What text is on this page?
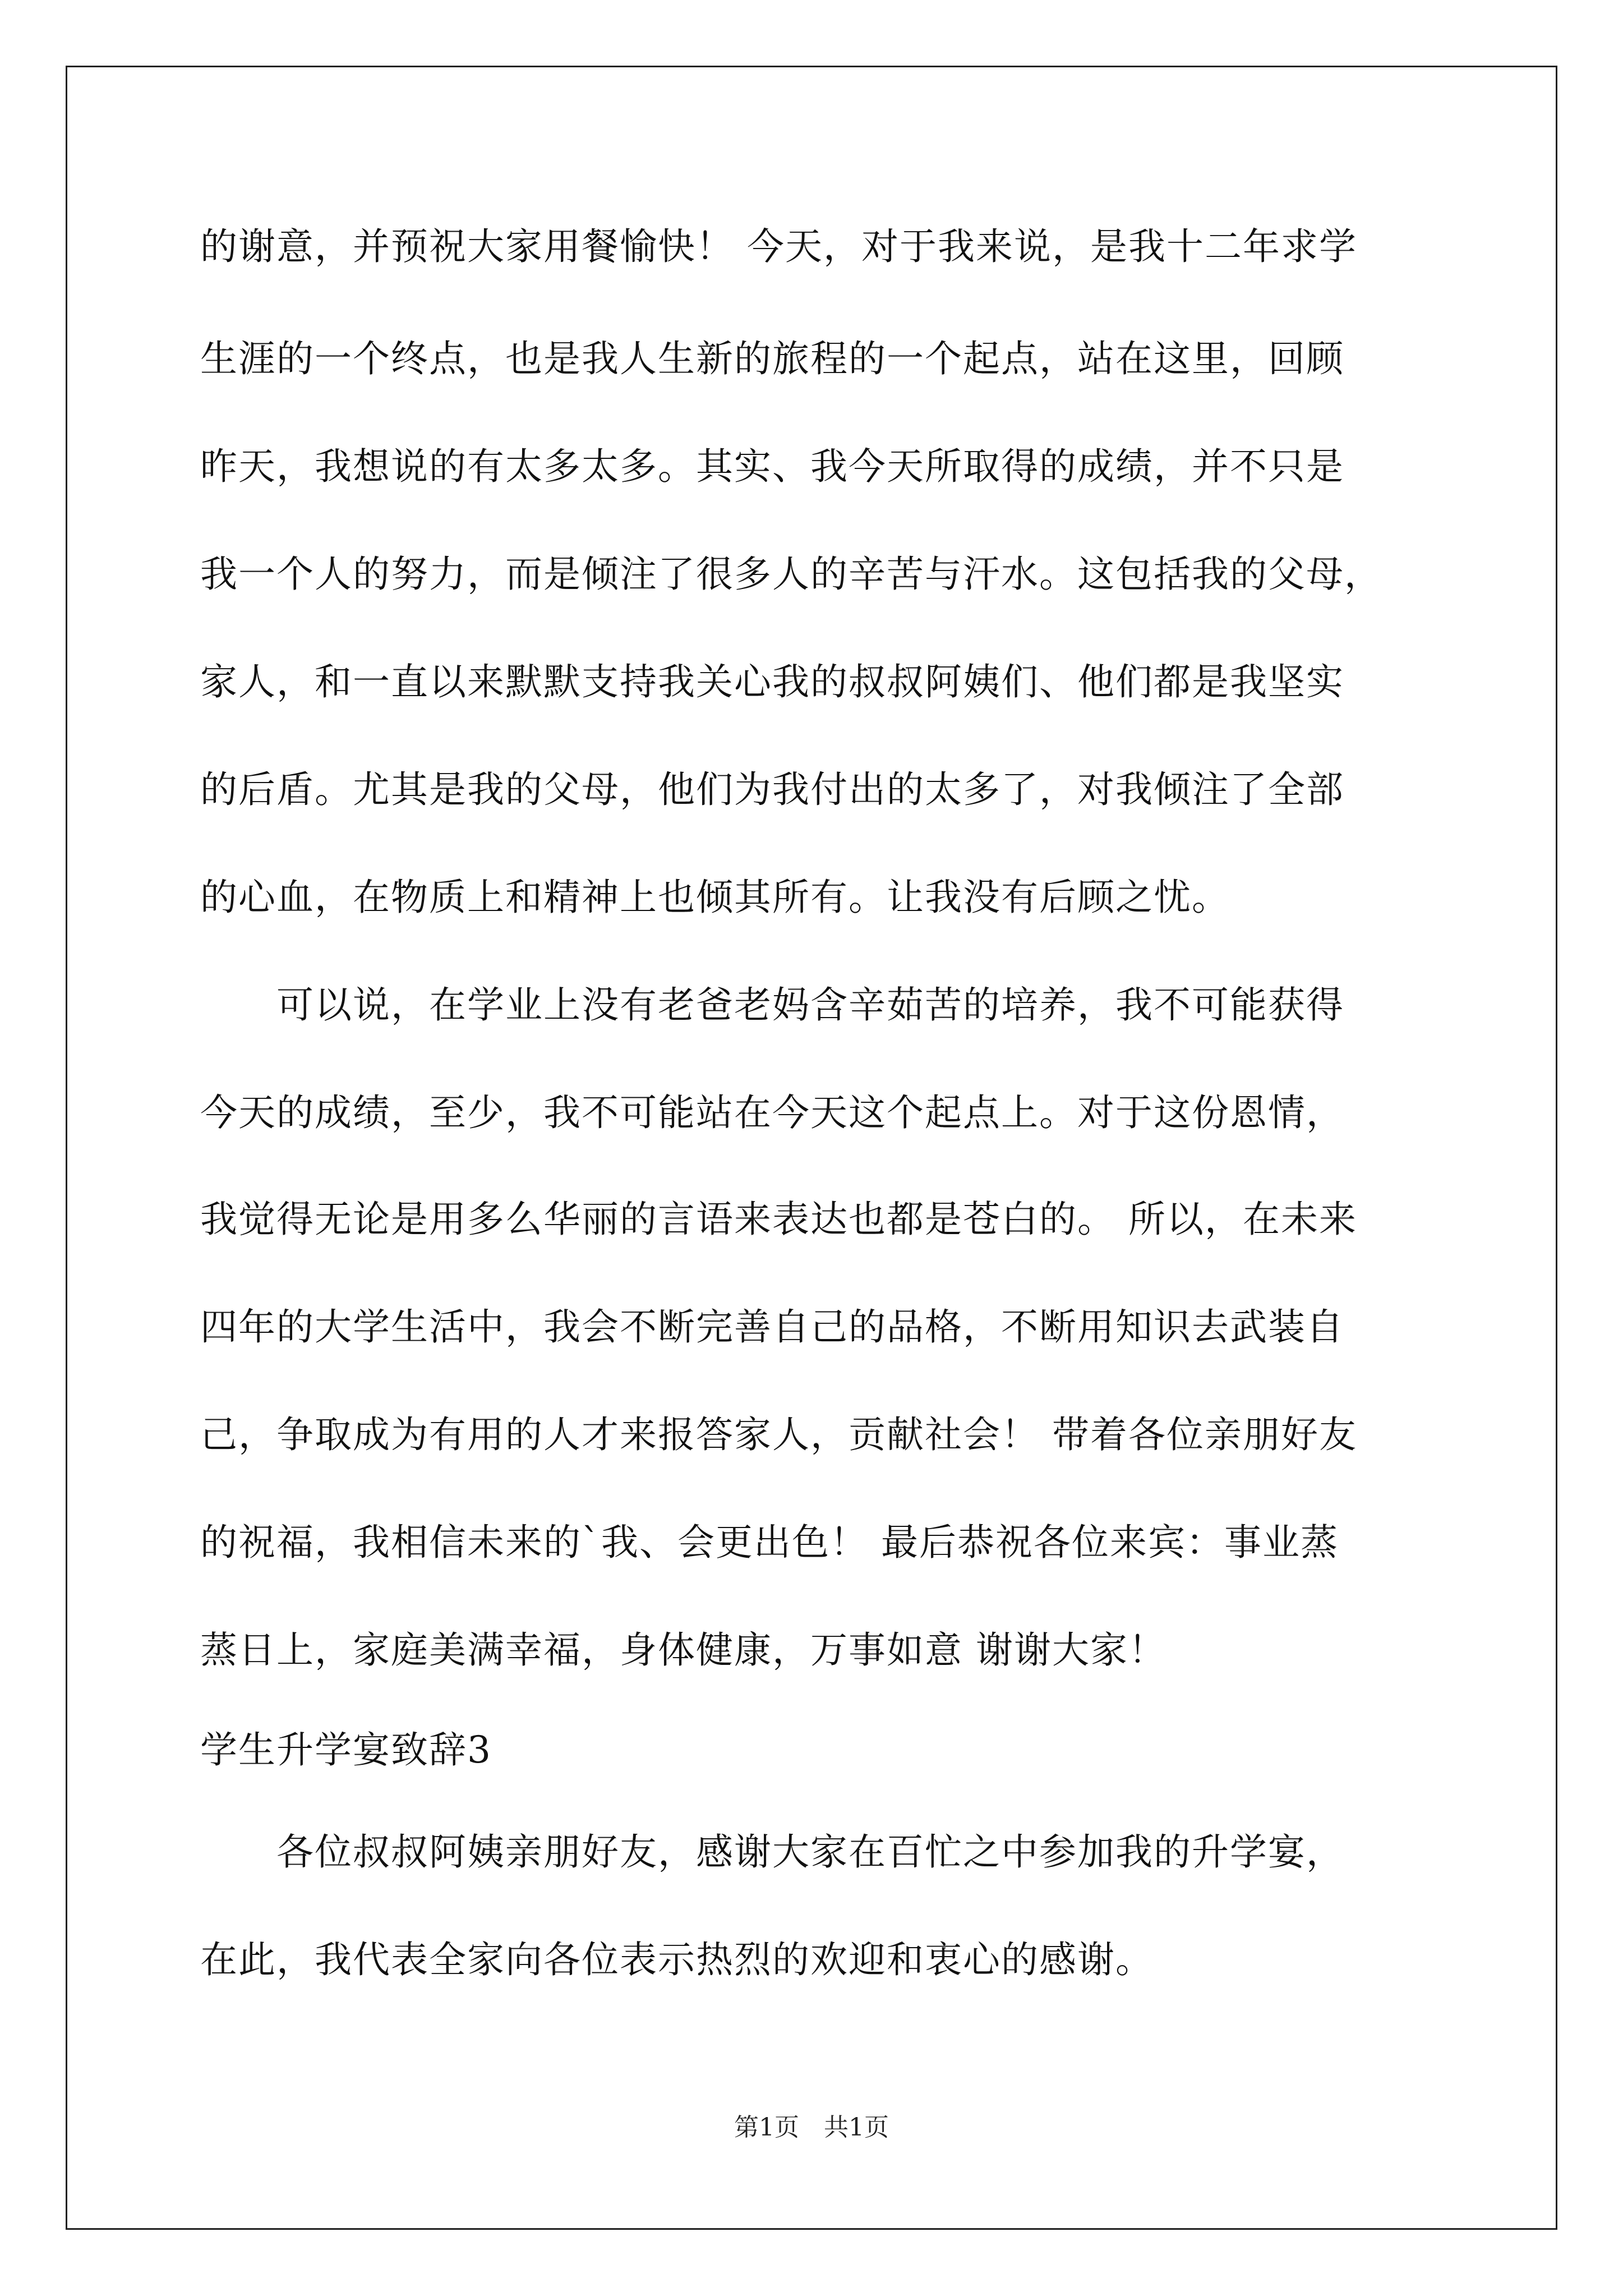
的谢意，并预祝大家用餐愉快！ 今天，对于我来说，是我十二年求学
生涯的一个终点，也是我人生新的旅程的一个起点，站在这里，回顾
昨天，我想说的有太多太多。其实、我今天所取得的成绩，并不只是
我一个人的努力，而是倾注了很多人的辛苦与汗水。这包括我的父母，
家人，和一直以来默默支持我关心我的叔叔阿姨们、他们都是我坚实
的后盾。尤其是我的父母，他们为我付出的太多了，对我倾注了全部
的心血，在物质上和精神上也倾其所有。让我没有后顾之忧。
　　可以说，在学业上没有老爸老妈含辛茹苦的培养，我不可能获得
今天的成绩，至少，我不可能站在今天这个起点上。对于这份恩情，
我觉得无论是用多么华丽的言语来表达也都是苍白的。 所以，在未来
四年的大学生活中，我会不断完善自己的品格，不断用知识去武装自
己，争取成为有用的人才来报答家人，贡献社会！ 带着各位亲朋好友
的祝福，我相信未来的`我、会更出色！ 最后恭祝各位来宾：事业蒸
蒸日上，家庭美满幸福，身体健康，万事如意 谢谢大家！
学生升学宴致辞3
　　各位叔叔阿姨亲朋好友，感谢大家在百忙之中参加我的升学宴，
在此，我代表全家向各位表示热烈的欢迎和衷心的感谢。
第1页　共1页
